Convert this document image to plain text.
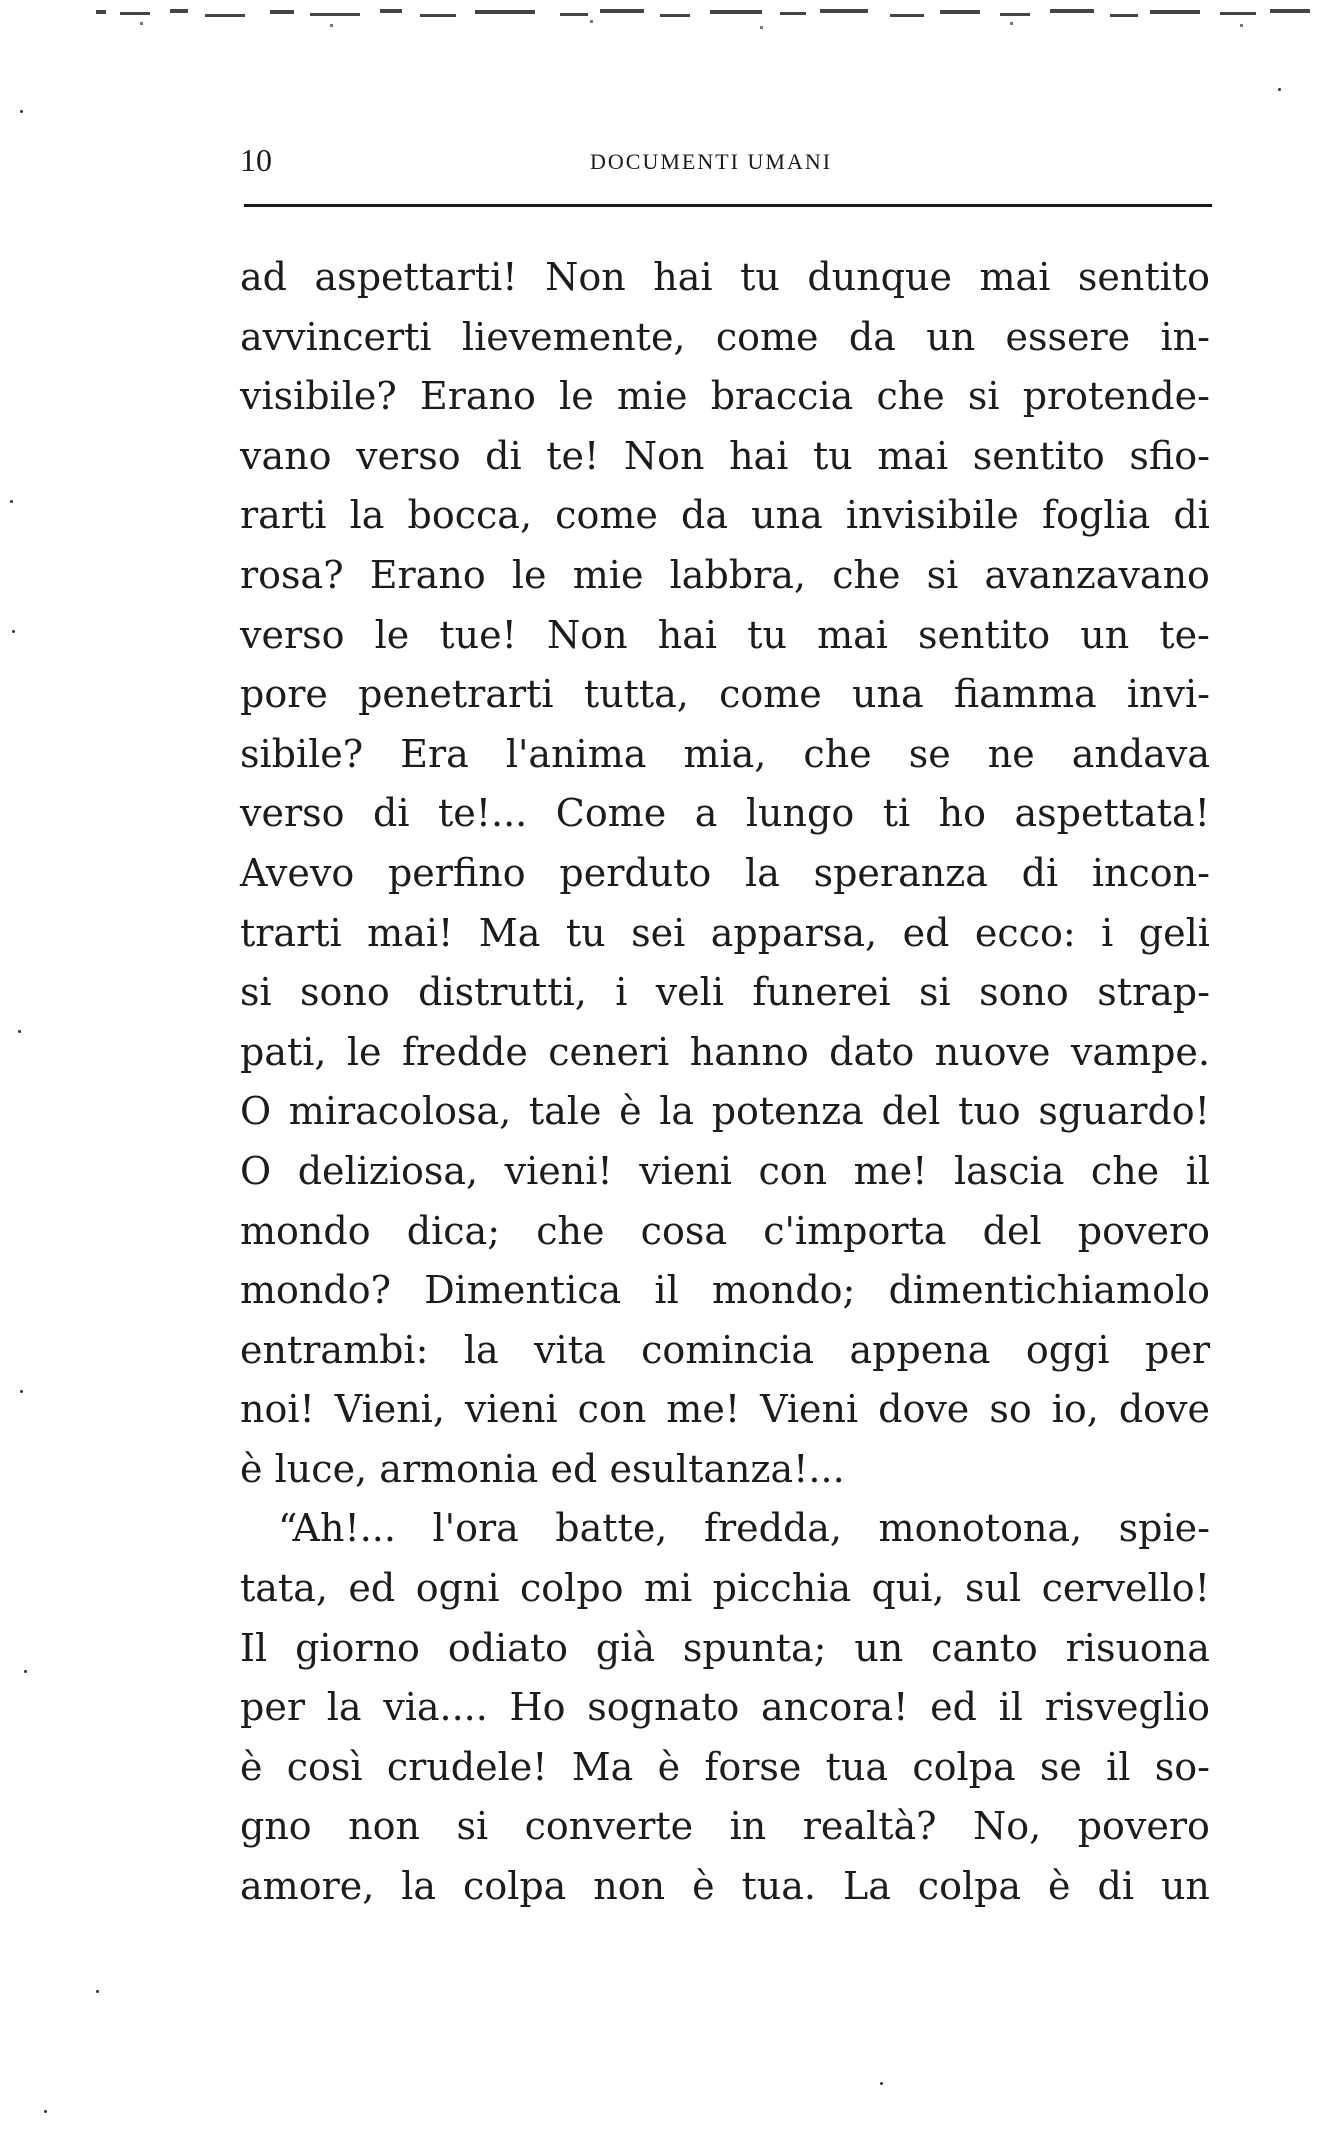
10	DOCUMENTI UMANI
ad aspettarti! Non hai tu dunque mai sentito
avvincerti lievemente, come da un essere in-
visibile? Erano le mie braccia che si protende-
vano verso di te! Non hai tu mai sentito sfio-
rarti la bocca, come da una invisibile foglia di
rosa? Erano le mie labbra, che si avanzavano
verso le tue! Non hai tu mai sentito un te-
pore penetrarti tutta, come una fiamma invi-
sibile? Era l'anima mia, che se ne andava
verso di te!... Come a lungo ti ho aspettata!
Avevo perfino perduto la speranza di incon-
trarti mai! Ma tu sei apparsa, ed ecco: i geli
si sono distrutti, i veli funerei si sono strap-
pati, le fredde ceneri hanno dato nuove vampe.
O miracolosa, tale è la potenza del tuo sguardo!
O deliziosa, vieni! vieni con me! lascia che il
mondo dica; che cosa c'importa del povero
mondo? Dimentica il mondo; dimentichiamolo
entrambi: la vita comincia appena oggi per
noi! Vieni, vieni con me! Vieni dove so io, dove
è luce, armonia ed esultanza!...
“Ah!... l'ora batte, fredda, monotona, spie-
tata, ed ogni colpo mi picchia qui, sul cervello!
Il giorno odiato già spunta; un canto risuona
per la via.... Ho sognato ancora! ed il risveglio
è così crudele! Ma è forse tua colpa se il so-
gno non si converte in realtà? No, povero
amore, la colpa non è tua. La colpa è di un
